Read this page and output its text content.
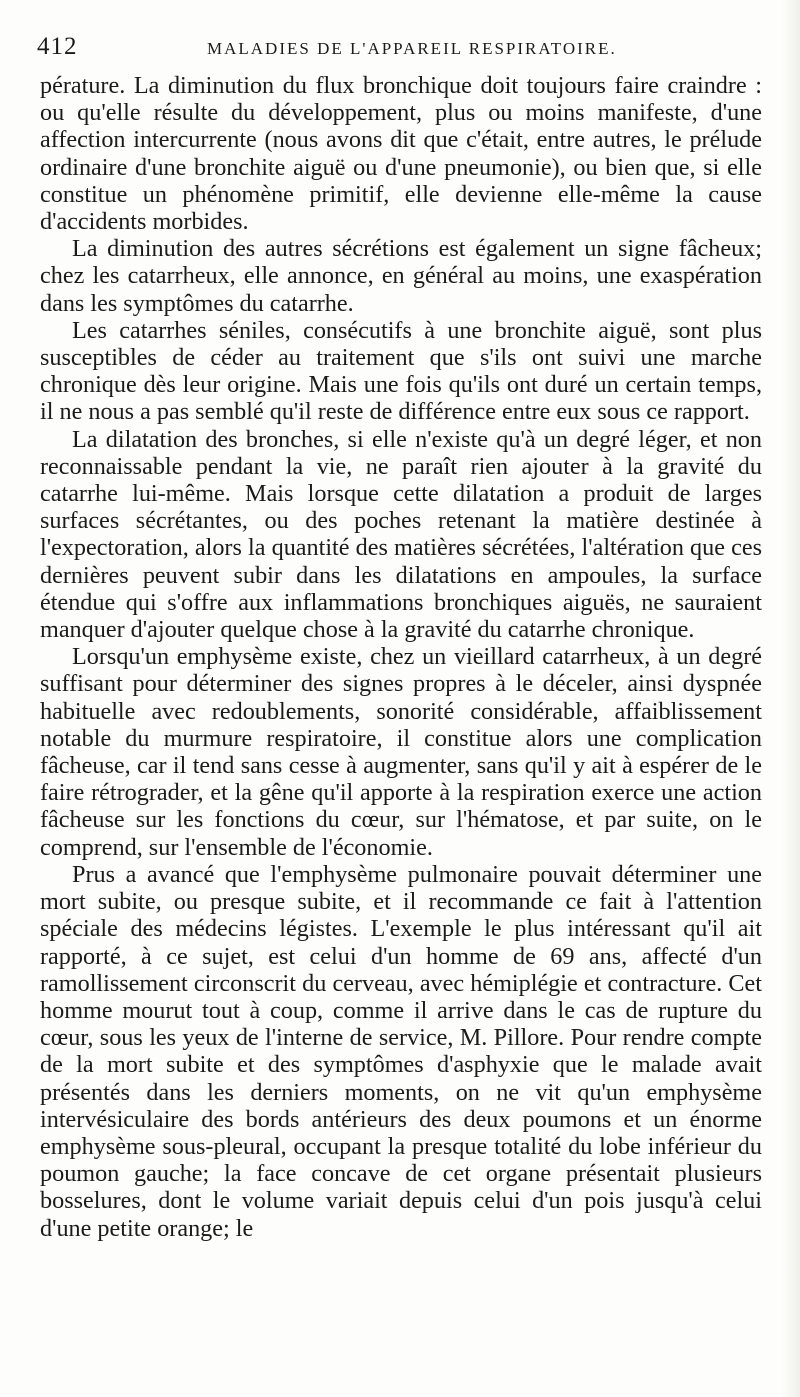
412	MALADIES DE L'APPAREIL RESPIRATOIRE.

pérature. La diminution du flux bronchique doit toujours faire craindre : ou qu'elle résulte du développement, plus ou moins manifeste, d'une affection intercurrente (nous avons dit que c'était, entre autres, le prélude ordinaire d'une bronchite aiguë ou d'une pneumonie), ou bien que, si elle constitue un phénomène primitif, elle devienne elle-même la cause d'accidents morbides.

La diminution des autres sécrétions est également un signe fâcheux; chez les catarrheux, elle annonce, en général au moins, une exaspération dans les symptômes du catarrhe.

Les catarrhes séniles, consécutifs à une bronchite aiguë, sont plus susceptibles de céder au traitement que s'ils ont suivi une marche chronique dès leur origine. Mais une fois qu'ils ont duré un certain temps, il ne nous a pas semblé qu'il reste de différence entre eux sous ce rapport.

La dilatation des bronches, si elle n'existe qu'à un degré léger, et non reconnaissable pendant la vie, ne paraît rien ajouter à la gravité du catarrhe lui-même. Mais lorsque cette dilatation a produit de larges surfaces sécrétantes, ou des poches retenant la matière destinée à l'expectoration, alors la quantité des matières sécrétées, l'altération que ces dernières peuvent subir dans les dilatations en ampoules, la surface étendue qui s'offre aux inflammations bronchiques aiguës, ne sauraient manquer d'ajouter quelque chose à la gravité du catarrhe chronique.

Lorsqu'un emphysème existe, chez un vieillard catarrheux, à un degré suffisant pour déterminer des signes propres à le déceler, ainsi dyspnée habituelle avec redoublements, sonorité considérable, affaiblissement notable du murmure respiratoire, il constitue alors une complication fâcheuse, car il tend sans cesse à augmenter, sans qu'il y ait à espérer de le faire rétrograder, et la gêne qu'il apporte à la respiration exerce une action fâcheuse sur les fonctions du cœur, sur l'hématose, et par suite, on le comprend, sur l'ensemble de l'économie.

Prus a avancé que l'emphysème pulmonaire pouvait déterminer une mort subite, ou presque subite, et il recommande ce fait à l'attention spéciale des médecins légistes. L'exemple le plus intéressant qu'il ait rapporté, à ce sujet, est celui d'un homme de 69 ans, affecté d'un ramollissement circonscrit du cerveau, avec hémiplégie et contracture. Cet homme mourut tout à coup, comme il arrive dans le cas de rupture du cœur, sous les yeux de l'interne de service, M. Pillore. Pour rendre compte de la mort subite et des symptômes d'asphyxie que le malade avait présentés dans les derniers moments, on ne vit qu'un emphysème intervésiculaire des bords antérieurs des deux poumons et un énorme emphysème sous-pleural, occupant la presque totalité du lobe inférieur du poumon gauche; la face concave de cet organe présentait plusieurs bosselures, dont le volume variait depuis celui d'un pois jusqu'à celui d'une petite orange; le
